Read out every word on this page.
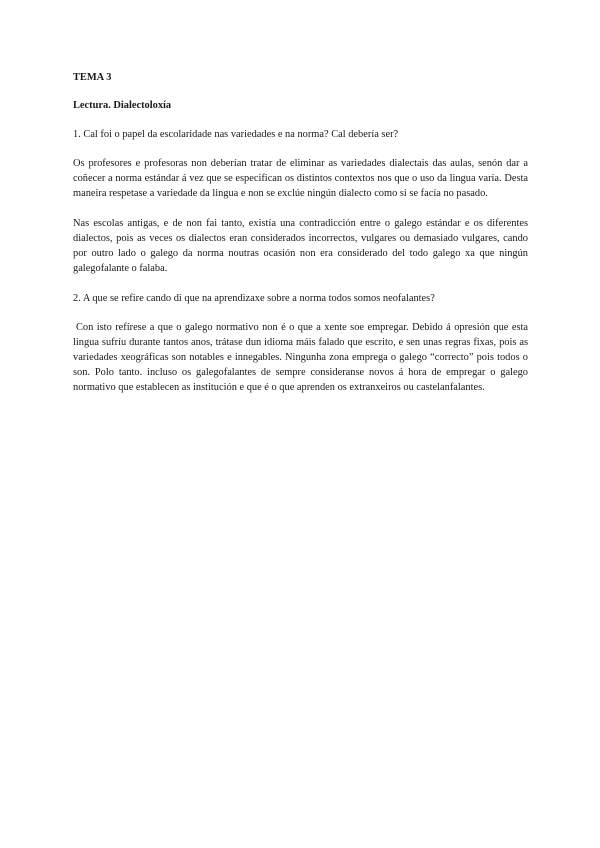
TEMA 3

Lectura. Dialectoloxía

1. Cal foi o papel da escolaridade nas variedades e na norma? Cal debería ser?

Os profesores e profesoras non deberían tratar de eliminar as variedades dialectais das aulas, senón dar a coñecer a norma estándar á vez que se especifican os distintos contextos nos que o uso da lingua varía. Desta maneira respetase a variedade da lingua e non se exclúe ningún dialecto como si se facía no pasado.

Nas escolas antigas, e de non fai tanto, existía una contradicción entre o galego estándar e os diferentes dialectos, pois as veces os dialectos eran considerados incorrectos, vulgares ou demasiado vulgares, cando por outro lado o galego da norma noutras ocasión non era considerado del todo galego xa que ningún galegofalante o falaba.

2. A que se refire cando di que na aprendizaxe sobre a norma todos somos neofalantes?

Con isto refírese a que o galego normativo non é o que a xente soe empregar. Debido á opresión que esta lingua sufríu durante tantos anos, trátase dun idioma máis falado que escrito, e sen unas regras fixas, pois as variedades xeográficas son notables e innegables. Ningunha zona emprega o galego “correcto” pois todos o son. Polo tanto. incluso os galegofalantes de sempre consideranse novos á hora de empregar o galego normativo que establecen as institución e que é o que aprenden os extranxeiros ou castelanfalantes.
